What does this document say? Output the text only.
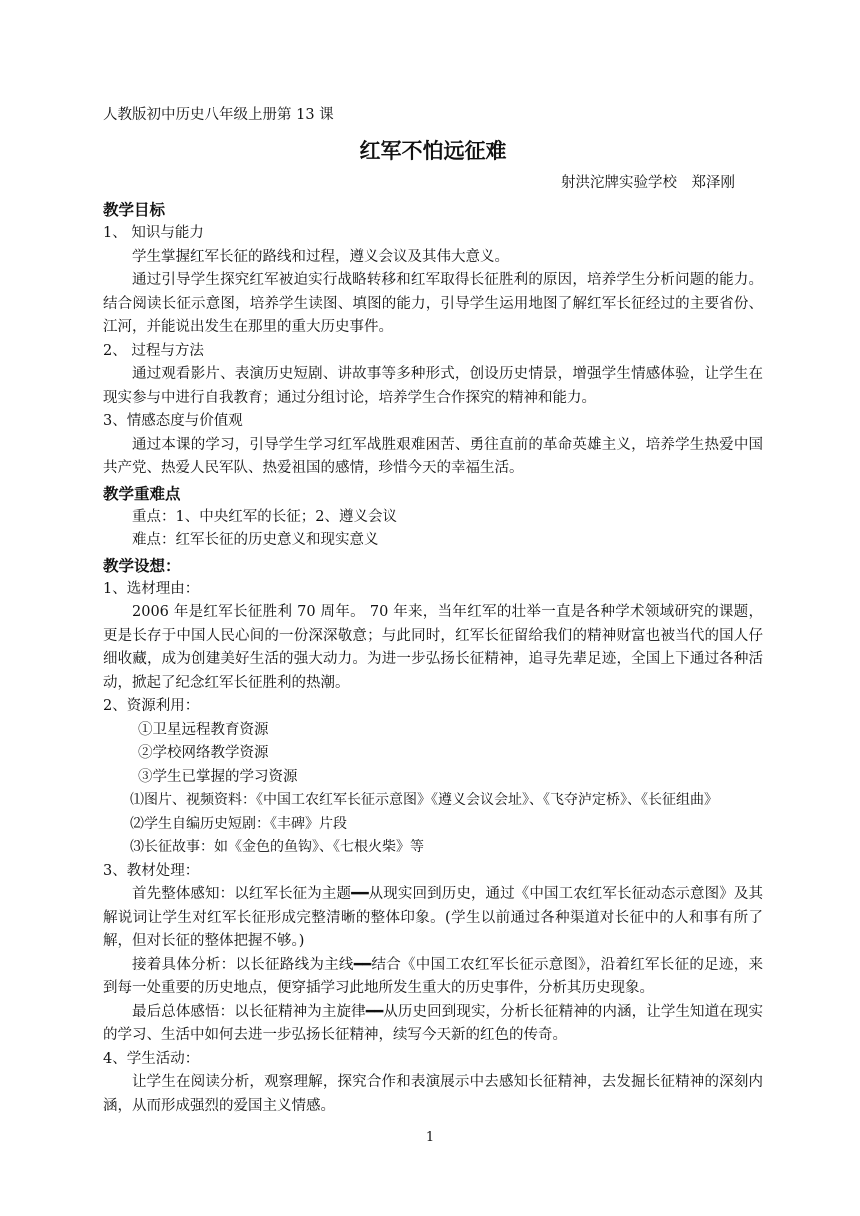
人教版初中历史八年级上册第 13 课

红军不怕远征难

射洪沱牌实验学校　郑泽刚

教学目标

1、 知识与能力

学生掌握红军长征的路线和过程，遵义会议及其伟大意义。

通过引导学生探究红军被迫实行战略转移和红军取得长征胜利的原因，培养学生分析问题的能力。结合阅读长征示意图，培养学生读图、填图的能力，引导学生运用地图了解红军长征经过的主要省份、江河，并能说出发生在那里的重大历史事件。

2、 过程与方法

通过观看影片、表演历史短剧、讲故事等多种形式，创设历史情景，增强学生情感体验，让学生在现实参与中进行自我教育；通过分组讨论，培养学生合作探究的精神和能力。

3、情感态度与价值观

通过本课的学习，引导学生学习红军战胜艰难困苦、勇往直前的革命英雄主义，培养学生热爱中国共产党、热爱人民军队、热爱祖国的感情，珍惜今天的幸福生活。

教学重难点

重点：1、中央红军的长征；2、遵义会议

难点：红军长征的历史意义和现实意义

教学设想：

1、选材理由：

2006 年是红军长征胜利 70 周年。 70 年来，当年红军的壮举一直是各种学术领域研究的课题，更是长存于中国人民心间的一份深深敬意；与此同时，红军长征留给我们的精神财富也被当代的国人仔细收藏，成为创建美好生活的强大动力。为进一步弘扬长征精神，追寻先辈足迹，全国上下通过各种活动，掀起了纪念红军长征胜利的热潮。

2、资源利用：

①卫星远程教育资源

②学校网络教学资源

③学生已掌握的学习资源

⑴图片、视频资料：《中国工农红军长征示意图》《遵义会议会址》、《飞夺泸定桥》、《长征组曲》

⑵学生自编历史短剧：《丰碑》片段

⑶长征故事：如《金色的鱼钩》、《七根火柴》等

3、教材处理：

首先整体感知：以红军长征为主题━━从现实回到历史，通过《中国工农红军长征动态示意图》及其解说词让学生对红军长征形成完整清晰的整体印象。(学生以前通过各种渠道对长征中的人和事有所了解，但对长征的整体把握不够。)

接着具体分析：以长征路线为主线━━结合《中国工农红军长征示意图》，沿着红军长征的足迹，来到每一处重要的历史地点，便穿插学习此地所发生重大的历史事件，分析其历史现象。

最后总体感悟：以长征精神为主旋律━━从历史回到现实，分析长征精神的内涵，让学生知道在现实的学习、生活中如何去进一步弘扬长征精神，续写今天新的红色的传奇。

4、学生活动：

让学生在阅读分析，观察理解，探究合作和表演展示中去感知长征精神，去发掘长征精神的深刻内涵，从而形成强烈的爱国主义情感。

1
